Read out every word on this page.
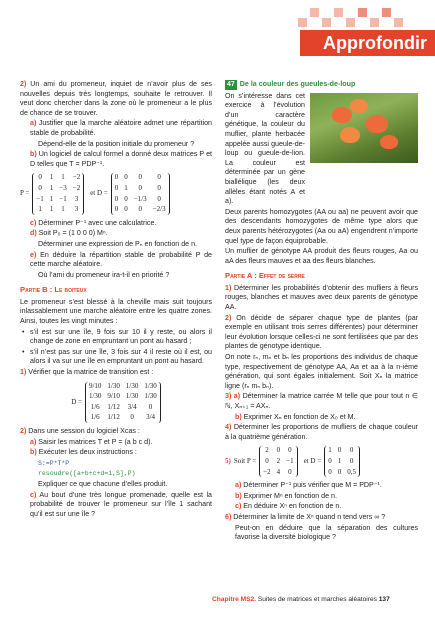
Approfondir

2) Un ami du promeneur, inquiet de n’avoir plus de ses nouvelles depuis très longtemps, souhaite le retrouver. Il veut donc chercher dans la zone où le promeneur a le plus de chance de se trouver.

a) Justifier que la marche aléatoire admet une répartition stable de probabilité.

Dépend-elle de la position initiale du promeneur ?

b) Un logiciel de calcul formel a donné deux matrices P et D telles que T = PDP⁻¹.

P =
0 1 1 −2
0 1 −3 −2
−1 1 −1 3
1 1 1 3
et D =
0 0	0	0
0 1	0	0
0 0 −1/3	0
0 0	0	−2/3

c) Déterminer P⁻¹ avec une calculatrice.

d) Soit P₀ = (1 0 0 0) Mⁿ.

Déterminer une expression de Pₙ en fonction de n.

e) En déduire la répartition stable de probabilité P de cette marche aléatoire.

Où l’ami du promeneur ira-t-il en priorité ?

Partie B : Le boiteux

Le promeneur s’est blessé à la cheville mais suit toujours inlassablement une marche aléatoire entre les quatre zones. Ainsi, toutes les vingt minutes :

• s’il est sur une île, 9 fois sur 10 il y reste, ou alors il change de zone en empruntant un pont au hasard ;

• s’il n’est pas sur une île, 3 fois sur 4 il reste où il est, ou alors il va sur une île en empruntant un pont au hasard.

1) Vérifier que la matrice de transition est :

D =
9/10 1/30 1/30 1/30
1/30 9/10 1/30 1/30
1/6 1/12 3/4	0
1/6 1/12	0	3/4

2) Dans une session du logiciel Xcas :

a) Saisir les matrices T et P = (a b c d).

b) Exécuter les deux instructions :

S:=P*T*P

resoudre([a+b+c+d=1,S],P)

Expliquer ce que chacune d’elles produit.

c) Au bout d’une très longue promenade, quelle est la probabilité de trouver le promeneur sur l’île 1 sachant qu’il est sur une île ?

47 De la couleur des gueules-de-loup

On s’intéresse dans cet exercice à l’évolution d’un caractère génétique, la couleur du muflier, plante herbacée appelée aussi gueule-de-loup ou gueule-de-lion. La couleur est déterminée par un gène biallélique (les deux allèles étant notés A et a).

Deux parents homozygotes (AA ou aa) ne peuvent avoir que des descendants homozygotes de même type alors que deux parents hétérozygotes (Aa ou aA) engendrent n’importe quel type de façon équiprobable.

Un muflier de génotype AA produit des fleurs rouges, Aa ou aA des fleurs mauves et aa des fleurs blanches.

Partie A : Effet de serre

1) Déterminer les probabilités d’obtenir des mufliers à fleurs rouges, blanches et mauves avec deux parents de génotype AA.

2) On décide de séparer chaque type de plantes (par exemple en utilisant trois serres différentes) pour déterminer leur évolution lorsque celles-ci ne sont fertilisées que par des plantes de génotype identique.

On note rₙ, mₙ et bₙ les proportions des individus de chaque type, respectivement de génotype AA, Aa et aa à la n-ième génération, qui sont égales initialement. Soit Xₙ la matrice ligne (rₙ mₙ bₙ).

3) a) Déterminer la matrice carrée M telle que pour tout n ∈ ℕ, Xₙ₊₁ = AXₙ.

b) Exprimer Xₙ en fonction de X₀ et M.

4) Déterminer les proportions de mufliers de chaque couleur à la quatrième génération.

5) Soit P =
2 0 0
0 2 −1
−2 4 0
et D =
1 0	0
0 1	0
0 0 0,5

a) Déterminer P⁻¹ puis vérifier que M = PDP⁻¹.

b) Exprimer Mⁿ en fonction de n.

c) En déduire Xⁿ en fonction de n.

6) Déterminer la limite de Xⁿ quand n tend vers ∞ ?

Peut-on en déduire que la séparation des cultures favorise la diversité biologique ?

Chapitre MS2. Suites de matrices et marches aléatoires 137
